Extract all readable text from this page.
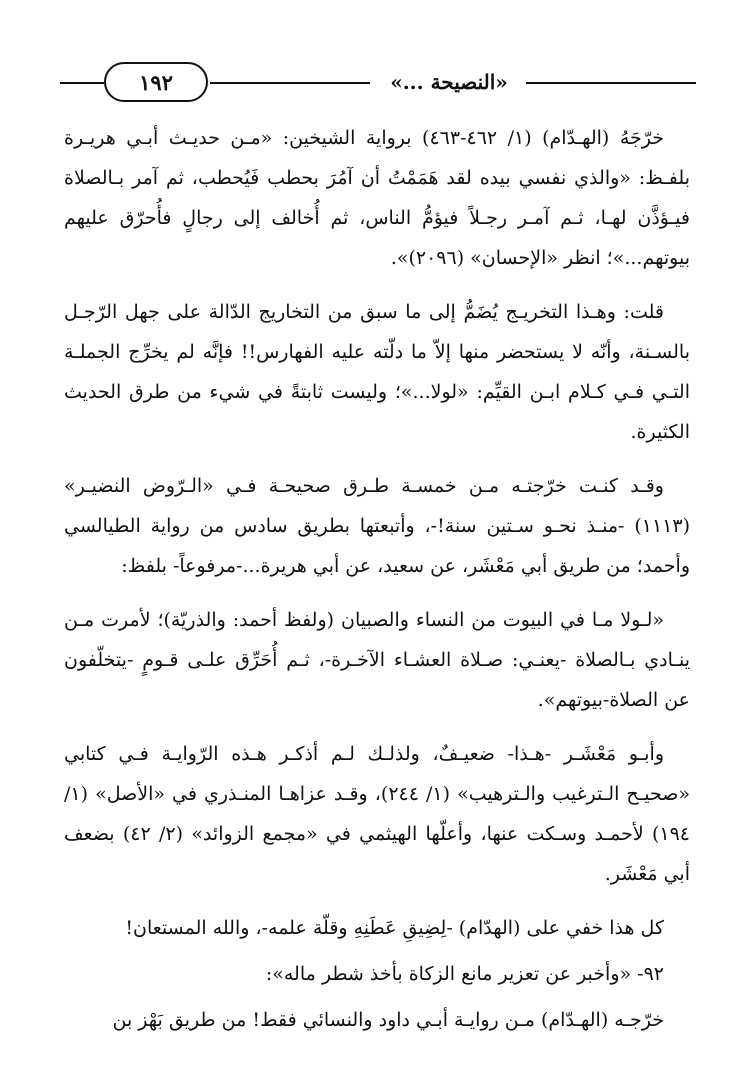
١٩٢	«النصيحة ...»

خرّجَهُ (الهـدّام) (١/ ٤٦٢-٤٦٣) برواية الشيخين: «مـن حديـث أبـي هريـرة بلفـظ: «والذي نفسي بيده لقد هَمَمْتُ أن آمُرَ بحطب فَيُحطب، ثم آمر بـالصلاة فيـؤذَّن لهـا، ثـم آمـر رجـلاً فيؤمُّ الناس، ثم أُخالف إلى رجالٍ فأُحرّق عليهم بيوتهم...»؛ انظر «الإحسان» (٢٠٩٦)».

قلت: وهـذا التخريـج يُضَمُّ إلى ما سبق من التخاريج الدّالة على جهل الرّجـل بالسـنة، وأنّه لا يستحضر منها إلاّ ما دلّته عليه الفهارس!! فإنَّه لم يخرِّج الجملـة التـي فـي كـلام ابـن القيِّم: «لولا...»؛ وليست ثابتةً في شيء من طرق الحديث الكثيرة.

وقـد كنـت خرّجتـه مـن خمسـة طـرق صحيحـة فـي «الـرّوض النضيـر» (١١١٣) -منـذ نحـو سـتين سنة!-، وأتبعتها بطريق سادس من رواية الطيالسي وأحمد؛ من طريق أبي مَعْشَر، عن سعيد، عن أبي هريرة...-مرفوعاً- بلفظ:

«لـولا مـا في البيوت من النساء والصبيان (ولفظ أحمد: والذريّة)؛ لأمرت مـن ينـادي بـالصلاة -يعنـي: صـلاة العشـاء الآخـرة-، ثـم أُحَرِّق علـى قـومٍ -يتخلّفون عن الصلاة-بيوتهم».

وأبـو مَعْشَـر -هـذا- ضعيـفٌ، ولذلـك لـم أذكـر هـذه الرّوايـة فـي كتابي «صحيـح الـترغيب والـترهيب» (١/ ٢٤٤)، وقـد عزاهـا المنـذري في «الأصل» (١/ ١٩٤) لأحمـد وسـكت عنها، وأعلّها الهيثمي في «مجمع الزوائد» (٢/ ٤٢) بضعف أبي مَعْشَر.

كل هذا خفي على (الهدّام) -لِضِيقِ عَطَنِهِ وقلّة علمه-، والله المستعان!

٩٢- «وأخبر عن تعزير مانع الزكاة بأخذ شطر ماله»:

خرّجـه (الهـدّام) مـن روايـة أبـي داود والنسائي فقط! من طريق بَهْز بن
